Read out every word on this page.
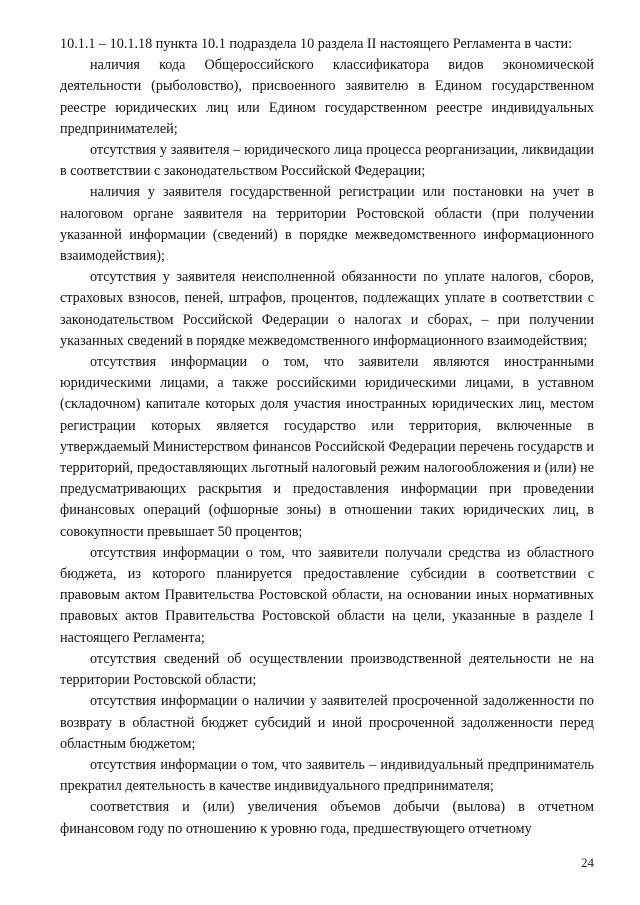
10.1.1 – 10.1.18 пункта 10.1 подраздела 10 раздела II настоящего Регламента в части:

наличия кода Общероссийского классификатора видов экономической деятельности (рыболовство), присвоенного заявителю в Едином государственном реестре юридических лиц или Едином государственном реестре индивидуальных предпринимателей;

отсутствия у заявителя – юридического лица процесса реорганизации, ликвидации в соответствии с законодательством Российской Федерации;

наличия у заявителя государственной регистрации или постановки на учет в налоговом органе заявителя на территории Ростовской области (при получении указанной информации (сведений) в порядке межведомственного информационного взаимодействия);

отсутствия у заявителя неисполненной обязанности по уплате налогов, сборов, страховых взносов, пеней, штрафов, процентов, подлежащих уплате в соответствии с законодательством Российской Федерации о налогах и сборах, – при получении указанных сведений в порядке межведомственного информационного взаимодействия;

отсутствия информации о том, что заявители являются иностранными юридическими лицами, а также российскими юридическими лицами, в уставном (складочном) капитале которых доля участия иностранных юридических лиц, местом регистрации которых является государство или территория, включенные в утверждаемый Министерством финансов Российской Федерации перечень государств и территорий, предоставляющих льготный налоговый режим налогообложения и (или) не предусматривающих раскрытия и предоставления информации при проведении финансовых операций (офшорные зоны) в отношении таких юридических лиц, в совокупности превышает 50 процентов;

отсутствия информации о том, что заявители получали средства из областного бюджета, из которого планируется предоставление субсидии в соответствии с правовым актом Правительства Ростовской области, на основании иных нормативных правовых актов Правительства Ростовской области на цели, указанные в разделе I настоящего Регламента;

отсутствия сведений об осуществлении производственной деятельности не на территории Ростовской области;

отсутствия информации о наличии у заявителей просроченной задолженности по возврату в областной бюджет субсидий и иной просроченной задолженности перед областным бюджетом;

отсутствия информации о том, что заявитель – индивидуальный предприниматель прекратил деятельность в качестве индивидуального предпринимателя;

соответствия и (или) увеличения объемов добычи (вылова) в отчетном финансовом году по отношению к уровню года, предшествующего отчетному

24
